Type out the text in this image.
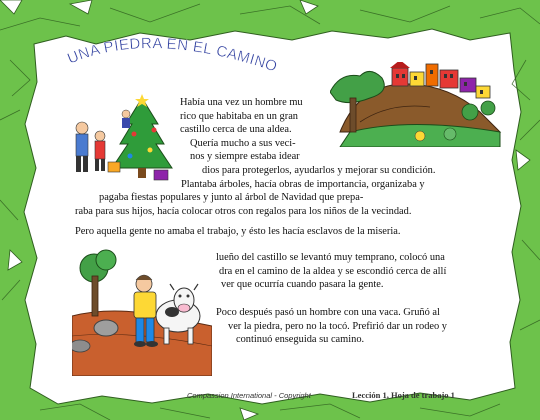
UNA PIEDRA EN EL CAMINO
Había una vez un hombre mu
rico que habitaba en un gran
castillo cerca de una aldea.
Quería mucho a sus veci-
nos y siempre estaba idear
dios para protegerlos, ayudarlos y mejorar su condición.
Plantaba árboles, hacía obras de importancia, organizaba y
pagaba fiestas populares y junto al árbol de Navidad que prepa-
raba para sus hijos, hacía colocar otros con regalos para los niños de la vecindad.
Pero aquella gente no amaba el trabajo, y ésto les hacía esclavos de la miseria.
lueño del castillo se levantó muy temprano, colocó una
dra en el camino de la aldea y se escondió cerca de allí
ver que ocurría cuando pasara la gente.
Poco después pasó un hombre con una vaca. Gruñó al
ver la piedra, pero no la tocó. Prefirió dar un rodeo y
continuó enseguida su camino.
Compassion International - Copyright	Lección 1, Hoja de trabajo 1
